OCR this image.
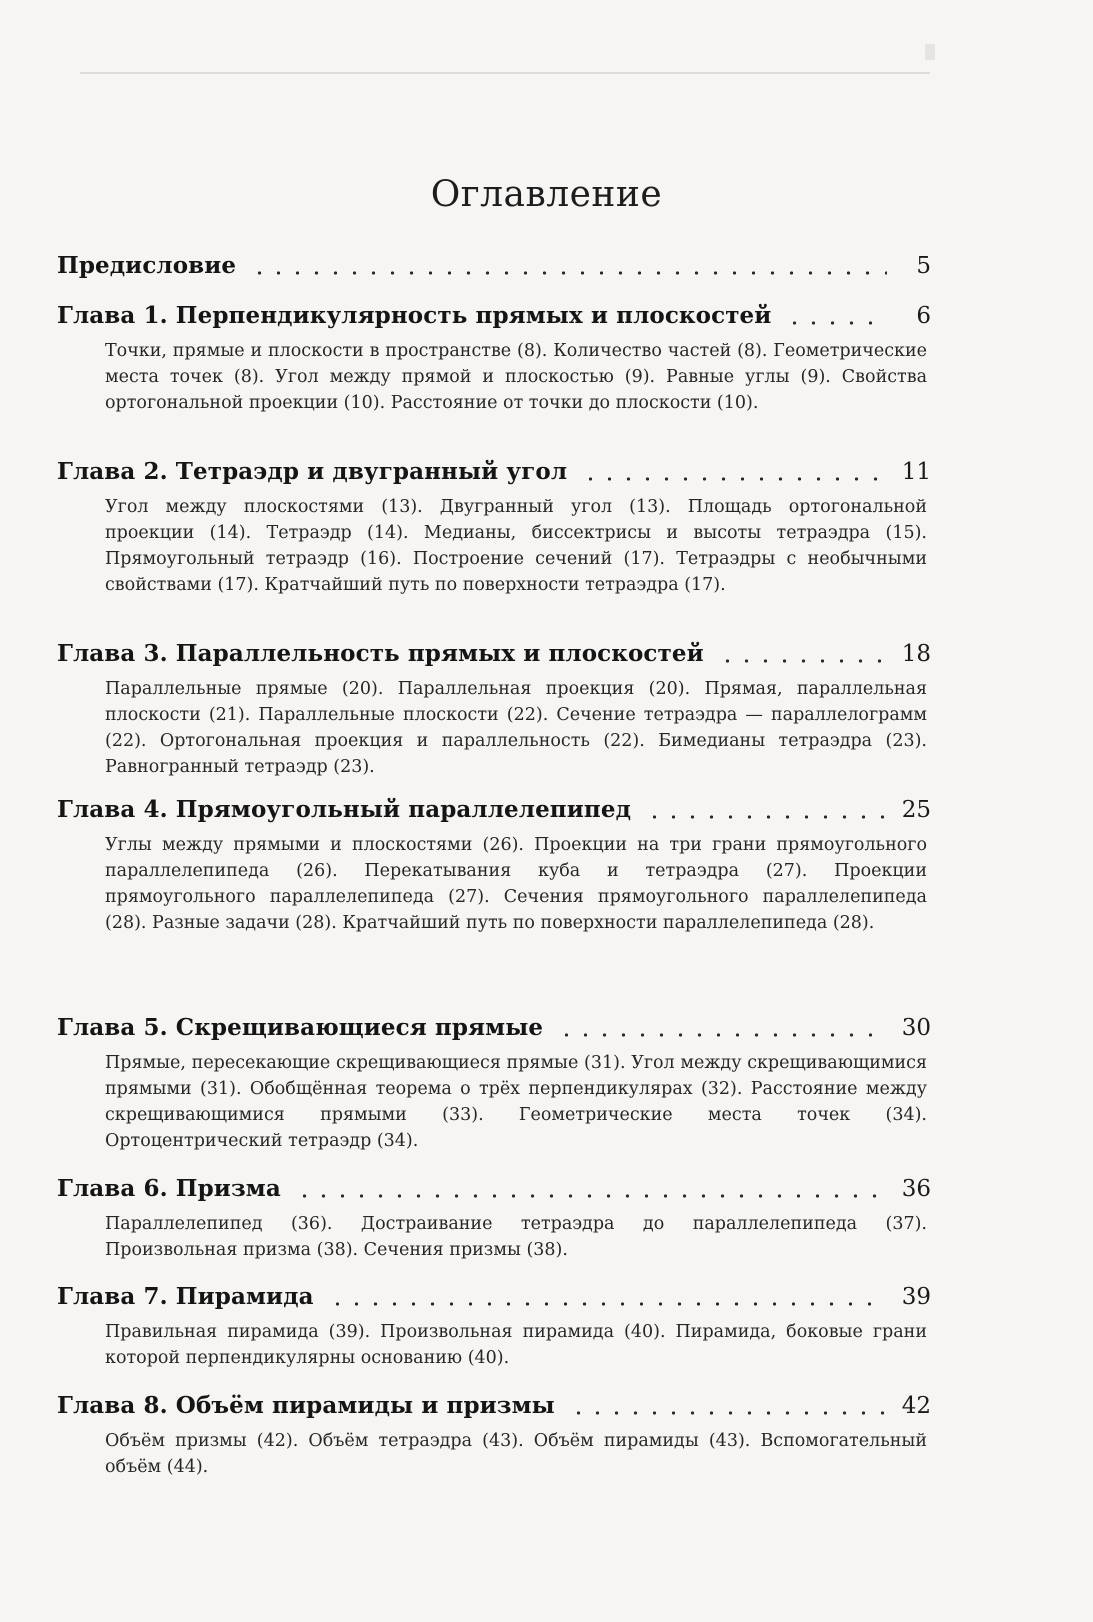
Оглавление
Предисловие	5
Глава 1. Перпендикулярность прямых и плоскостей	6
Точки, прямые и плоскости в пространстве (8). Количество частей (8). Геометрические места точек (8). Угол между прямой и плоскостью (9). Равные углы (9). Свойства ортогональной проекции (10). Расстояние от точки до плоскости (10).
Глава 2. Тетраэдр и двугранный угол	11
Угол между плоскостями (13). Двугранный угол (13). Площадь ортогональной проекции (14). Тетраэдр (14). Медианы, биссектрисы и высоты тетраэдра (15). Прямоугольный тетраэдр (16). Построение сечений (17). Тетраэдры с необычными свойствами (17). Кратчайший путь по поверхности тетраэдра (17).
Глава 3. Параллельность прямых и плоскостей	18
Параллельные прямые (20). Параллельная проекция (20). Прямая, параллельная плоскости (21). Параллельные плоскости (22). Сечение тетраэдра — параллелограмм (22). Ортогональная проекция и параллельность (22). Бимедианы тетраэдра (23). Равногранный тетраэдр (23).
Глава 4. Прямоугольный параллелепипед	25
Углы между прямыми и плоскостями (26). Проекции на три грани прямоугольного параллелепипеда (26). Перекатывания куба и тетраэдра (27). Проекции прямоугольного параллелепипеда (27). Сечения прямоугольного параллелепипеда (28). Разные задачи (28). Кратчайший путь по поверхности параллелепипеда (28).
Глава 5. Скрещивающиеся прямые	30
Прямые, пересекающие скрещивающиеся прямые (31). Угол между скрещивающимися прямыми (31). Обобщённая теорема о трёх перпендикулярах (32). Расстояние между скрещивающимися прямыми (33). Геометрические места точек (34). Ортоцентрический тетраэдр (34).
Глава 6. Призма	36
Параллелепипед (36). Достраивание тетраэдра до параллелепипеда (37). Произвольная призма (38). Сечения призмы (38).
Глава 7. Пирамида	39
Правильная пирамида (39). Произвольная пирамида (40). Пирамида, боковые грани которой перпендикулярны основанию (40).
Глава 8. Объём пирамиды и призмы	42
Объём призмы (42). Объём тетраэдра (43). Объём пирамиды (43). Вспомогательный объём (44).
